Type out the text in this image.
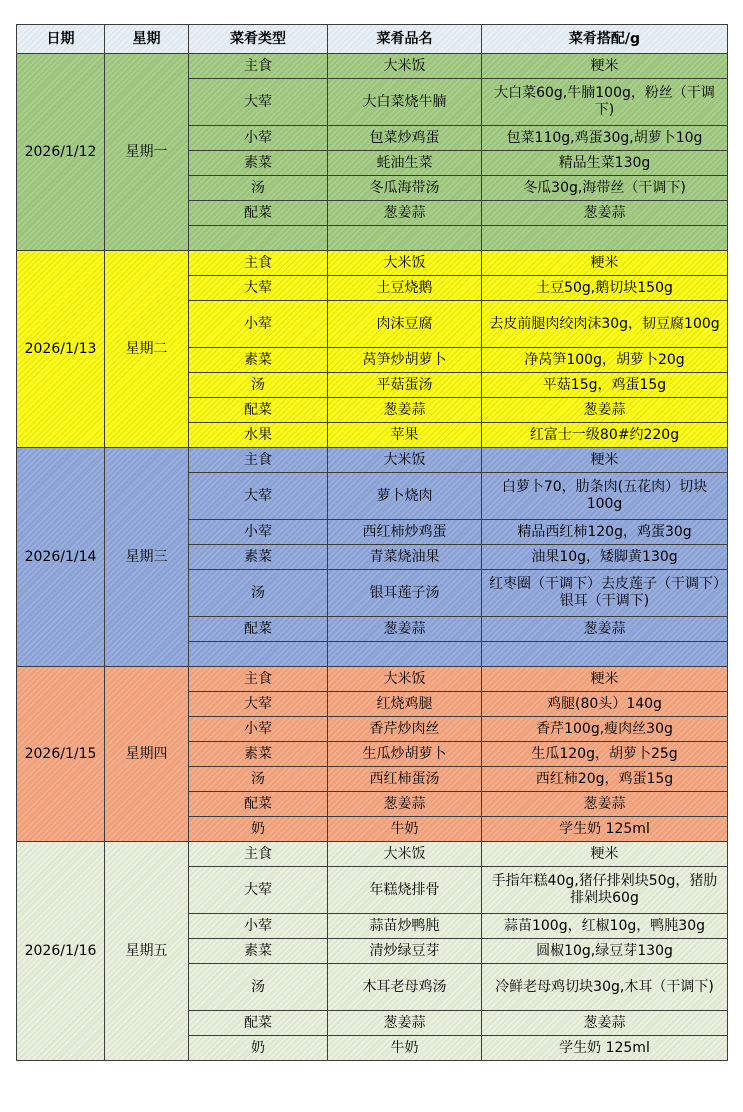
日期	星期	菜肴类型	菜肴品名	菜肴搭配/g
2026/1/12	星期一	主食	大米饭	粳米
		大荤	大白菜烧牛腩	大白菜60g,牛腩100g，粉丝（干调下)
		小荤	包菜炒鸡蛋	包菜110g,鸡蛋30g,胡萝卜10g
		素菜	蚝油生菜	精品生菜130g
		汤	冬瓜海带汤	冬瓜30g,海带丝（干调下)
		配菜	葱姜蒜	葱姜蒜

2026/1/13	星期二	主食	大米饭	粳米
		大荤	土豆烧鹅	土豆50g,鹅切块150g
		小荤	肉沫豆腐	去皮前腿肉绞肉沫30g，韧豆腐100g
		素菜	莴笋炒胡萝卜	净莴笋100g，胡萝卜20g
		汤	平菇蛋汤	平菇15g，鸡蛋15g
		配菜	葱姜蒜	葱姜蒜
		水果	苹果	红富士一级80#约220g
2026/1/14	星期三	主食	大米饭	粳米
		大荤	萝卜烧肉	白萝卜70，肋条肉(五花肉）切块100g
		小荤	西红柿炒鸡蛋	精品西红柿120g，鸡蛋30g
		素菜	青菜烧油果	油果10g，矮脚黄130g
		汤	银耳莲子汤	红枣圈（干调下）去皮莲子（干调下）银耳（干调下)
		配菜	葱姜蒜	葱姜蒜

2026/1/15	星期四	主食	大米饭	粳米
		大荤	红烧鸡腿	鸡腿(80头）140g
		小荤	香芹炒肉丝	香芹100g,瘦肉丝30g
		素菜	生瓜炒胡萝卜	生瓜120g，胡萝卜25g
		汤	西红柿蛋汤	西红柿20g，鸡蛋15g
		配菜	葱姜蒜	葱姜蒜
		奶	牛奶	学生奶 125ml
2026/1/16	星期五	主食	大米饭	粳米
		大荤	年糕烧排骨	手指年糕40g,猪仔排剁块50g，猪肋排剁块60g
		小荤	蒜苗炒鸭肫	蒜苗100g，红椒10g，鸭肫30g
		素菜	清炒绿豆芽	圆椒10g,绿豆芽130g
		汤	木耳老母鸡汤	冷鲜老母鸡切块30g,木耳（干调下)
		配菜	葱姜蒜	葱姜蒜
		奶	牛奶	学生奶 125ml
